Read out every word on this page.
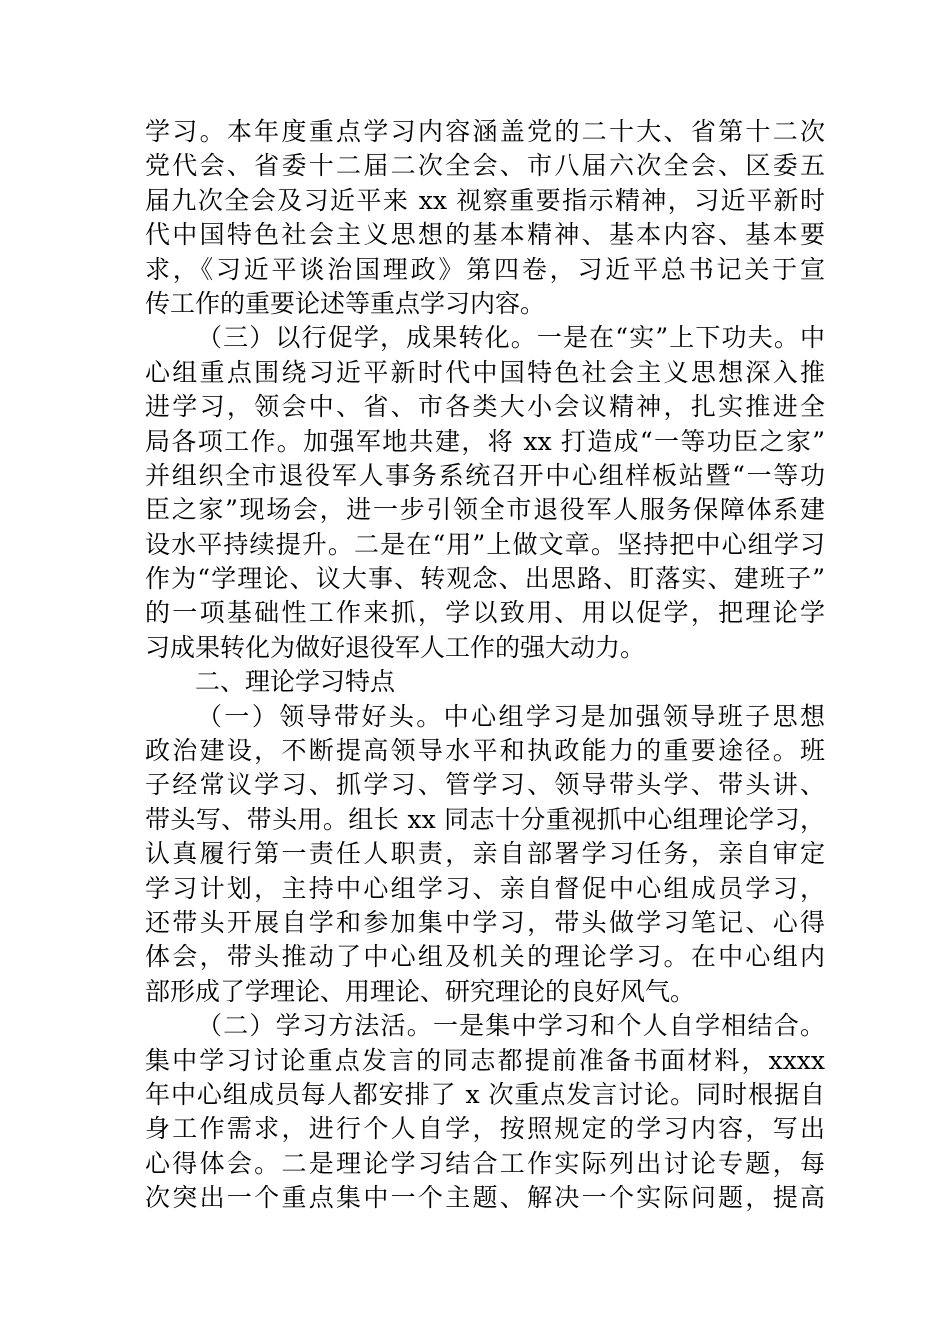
学习。本年度重点学习内容涵盖党的二十大、省第十二次
党代会、省委十二届二次全会、市八届六次全会、区委五
届九次全会及习近平来 xx 视察重要指示精神，习近平新时
代中国特色社会主义思想的基本精神、基本内容、基本要
求，《习近平谈治国理政》第四卷，习近平总书记关于宣
传工作的重要论述等重点学习内容。
（三）以行促学，成果转化。一是在“实”上下功夫。中
心组重点围绕习近平新时代中国特色社会主义思想深入推
进学习，领会中、省、市各类大小会议精神，扎实推进全
局各项工作。加强军地共建，将 xx 打造成“一等功臣之家”
并组织全市退役军人事务系统召开中心组样板站暨“一等功
臣之家”现场会，进一步引领全市退役军人服务保障体系建
设水平持续提升。二是在“用”上做文章。坚持把中心组学习
作为“学理论、议大事、转观念、出思路、盯落实、建班子”
的一项基础性工作来抓，学以致用、用以促学，把理论学
习成果转化为做好退役军人工作的强大动力。
二、理论学习特点
（一）领导带好头。中心组学习是加强领导班子思想
政治建设，不断提高领导水平和执政能力的重要途径。班
子经常议学习、抓学习、管学习、领导带头学、带头讲、
带头写、带头用。组长 xx 同志十分重视抓中心组理论学习，
认真履行第一责任人职责，亲自部署学习任务，亲自审定
学习计划，主持中心组学习、亲自督促中心组成员学习，
还带头开展自学和参加集中学习，带头做学习笔记、心得
体会，带头推动了中心组及机关的理论学习。在中心组内
部形成了学理论、用理论、研究理论的良好风气。
（二）学习方法活。一是集中学习和个人自学相结合。
集中学习讨论重点发言的同志都提前准备书面材料，xxxx
年中心组成员每人都安排了 x 次重点发言讨论。同时根据自
身工作需求，进行个人自学，按照规定的学习内容，写出
心得体会。二是理论学习结合工作实际列出讨论专题，每
次突出一个重点集中一个主题、解决一个实际问题，提高
